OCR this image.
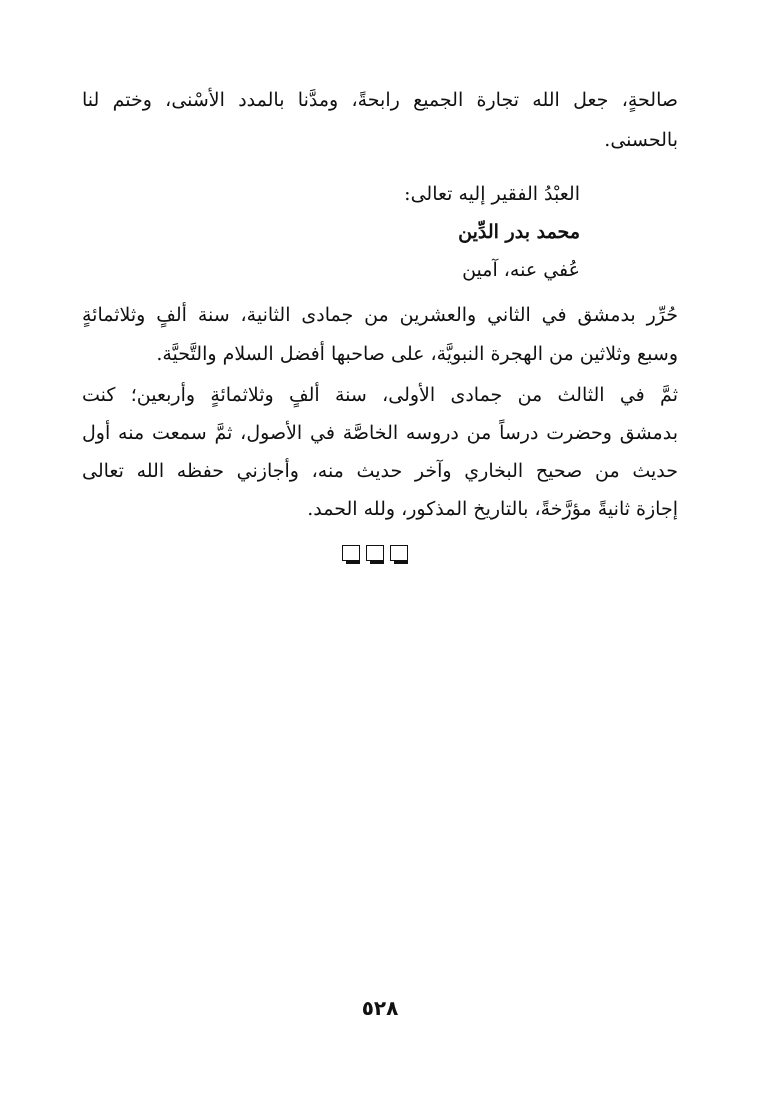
صالحةٍ، جعل الله تجارة الجميع رابحةً، ومدَّنا بالمدد الأسْنى، وختم لنا
بالحسنى.
العبْدُ الفقير إليه تعالى:
محمد بدر الدِّين
عُفي عنه، آمين
حُرِّر بدمشق في الثاني والعشرين من جمادى الثانية، سنة ألفٍ وثلاثمائةٍ
وسبع وثلاثين من الهجرة النبويَّة، على صاحبها أفضل السلام والتَّحيَّة.
ثمَّ في الثالث من جمادى الأولى، سنة ألفٍ وثلاثمائةٍ وأربعين؛ كنت
بدمشق وحضرت درساً من دروسه الخاصَّة في الأصول، ثمَّ سمعت منه أول
حديث من صحيح البخاري وآخر حديث منه، وأجازني حفظه الله تعالى
إجازة ثانيةً مؤرَّخةً، بالتاريخ المذكور، ولله الحمد.
٥٢٨
